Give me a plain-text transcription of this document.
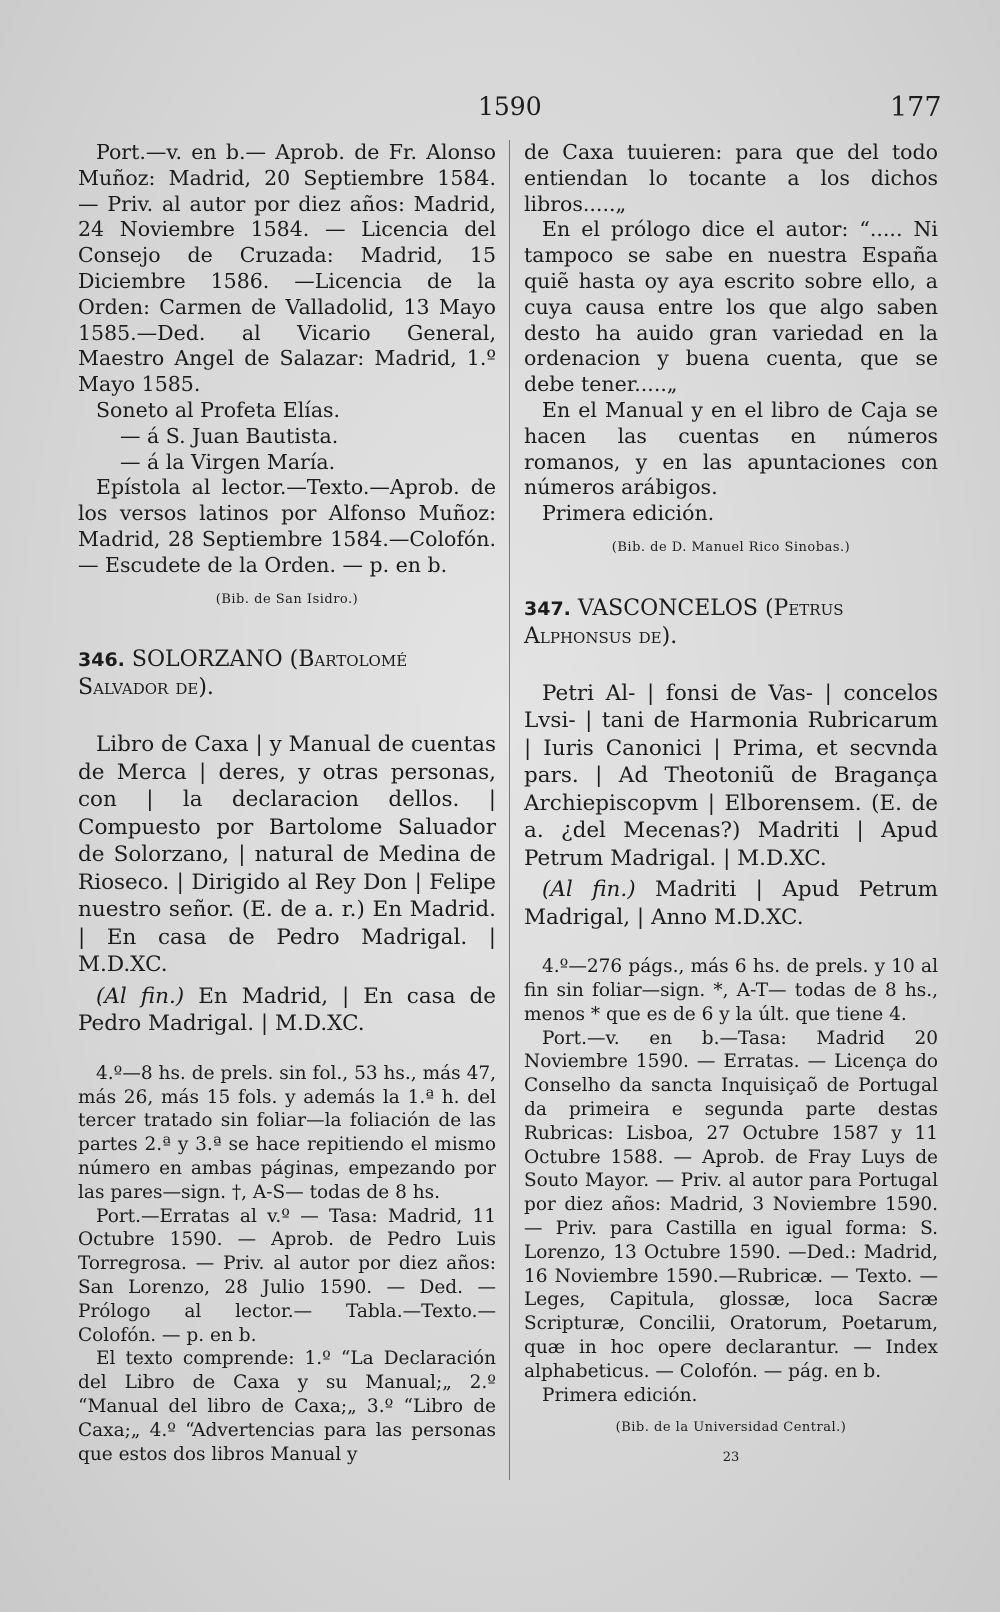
1590	177

Port.—v. en b.— Aprob. de Fr. Alonso Muñoz: Madrid, 20 Septiembre 1584. — Priv. al autor por diez años: Madrid, 24 Noviembre 1584. — Licencia del Consejo de Cruzada: Madrid, 15 Diciembre 1586. —Licencia de la Orden: Carmen de Valladolid, 13 Mayo 1585.—Ded. al Vicario General, Maestro Angel de Salazar: Madrid, 1.º Mayo 1585.

Soneto al Profeta Elías.

— á S. Juan Bautista.

— á la Virgen María.

Epístola al lector.—Texto.—Aprob. de los versos latinos por Alfonso Muñoz: Madrid, 28 Septiembre 1584.—Colofón.— Escudete de la Orden. — p. en b.

(Bib. de San Isidro.)
346. SOLORZANO (Bartolomé Salvador de).

Libro de Caxa | y Manual de cuentas de Merca | deres, y otras personas, con | la declaracion dellos. | Compuesto por Bartolome Saluador de Solorzano, | natural de Medina de Rioseco. | Dirigido al Rey Don | Felipe nuestro señor. (E. de a. r.) En Madrid. | En casa de Pedro Madrigal. | M.D.XC.

(Al fin.) En Madrid, | En casa de Pedro Madrigal. | M.D.XC.

4.º—8 hs. de prels. sin fol., 53 hs., más 47, más 26, más 15 fols. y además la 1.ª h. del tercer tratado sin foliar—la foliación de las partes 2.ª y 3.ª se hace repitiendo el mismo número en ambas páginas, empezando por las pares—sign. †, A-S— todas de 8 hs.

Port.—Erratas al v.º — Tasa: Madrid, 11 Octubre 1590. — Aprob. de Pedro Luis Torregrosa. — Priv. al autor por diez años: San Lorenzo, 28 Julio 1590. — Ded. — Prólogo al lector.— Tabla.—Texto.— Colofón. — p. en b.

El texto comprende: 1.º “La Declaración del Libro de Caxa y su Manual;„ 2.º “Manual del libro de Caxa;„ 3.º “Libro de Caxa;„ 4.º “Advertencias para las personas que estos dos libros Manual y

de Caxa tuuieren: para que del todo entiendan lo tocante a los dichos libros.....„

En el prólogo dice el autor: “..... Ni tampoco se sabe en nuestra España quiẽ hasta oy aya escrito sobre ello, a cuya causa entre los que algo saben desto ha auido gran variedad en la ordenacion y buena cuenta, que se debe tener.....„

En el Manual y en el libro de Caja se hacen las cuentas en números romanos, y en las apuntaciones con números arábigos.

Primera edición.

(Bib. de D. Manuel Rico Sinobas.)
347. VASCONCELOS (Petrus Alphonsus de).

Petri Al- | fonsi de Vas- | concelos Lvsi- | tani de Harmonia Rubricarum | Iuris Canonici | Prima, et secvnda pars. | Ad Theotoniũ de Bragança Archiepiscopvm | Elborensem. (E. de a. ¿del Mecenas?) Madriti | Apud Petrum Madrigal. | M.D.XC.

(Al fin.) Madriti | Apud Petrum Madrigal, | Anno M.D.XC.

4.º—276 págs., más 6 hs. de prels. y 10 al fin sin foliar—sign. *, A-T— todas de 8 hs., menos * que es de 6 y la últ. que tiene 4.

Port.—v. en b.—Tasa: Madrid 20 Noviembre 1590. — Erratas. — Licença do Conselho da sancta Inquisiçaõ de Portugal da primeira e segunda parte destas Rubricas: Lisboa, 27 Octubre 1587 y 11 Octubre 1588. — Aprob. de Fray Luys de Souto Mayor. — Priv. al autor para Portugal por diez años: Madrid, 3 Noviembre 1590. — Priv. para Castilla en igual forma: S. Lorenzo, 13 Octubre 1590. —Ded.: Madrid, 16 Noviembre 1590.—Rubricæ. — Texto. — Leges, Capitula, glossæ, loca Sacræ Scripturæ, Concilii, Oratorum, Poetarum, quæ in hoc opere declarantur. — Index alphabeticus. — Colofón. — pág. en b.

Primera edición.

(Bib. de la Universidad Central.)
23
